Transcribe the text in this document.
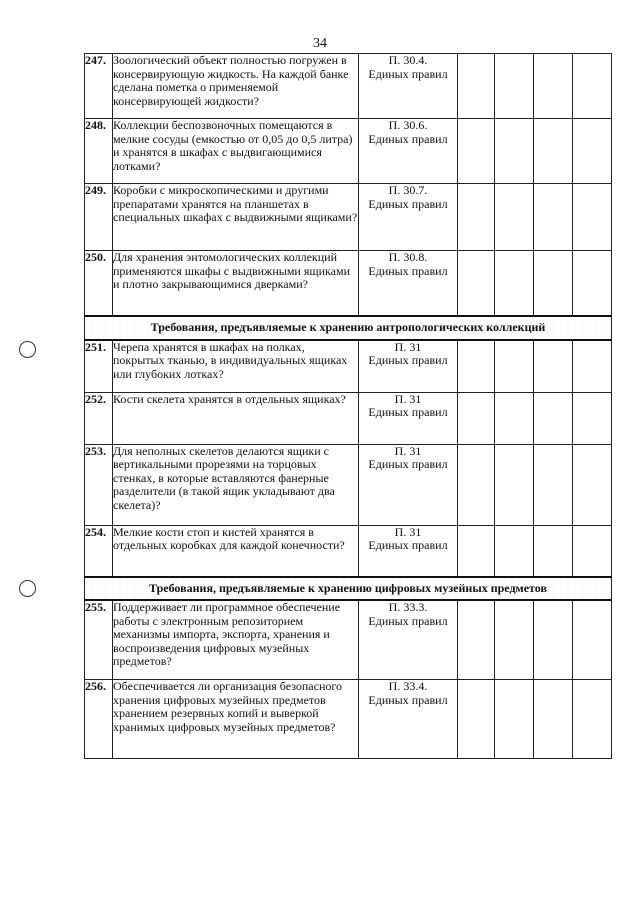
34
247.	Зоологический объект полностью погружен в консервирующую жидкость. На каждой банке сделана пометка о применяемой консервирующей жидкости?	П. 30.4.
Единых правил				

248.	Коллекции беспозвоночных помещаются в мелкие сосуды (емкостью от 0,05 до 0,5 литра) и хранятся в шкафах с выдвигающимися лотками?	П. 30.6.
Единых правил				

249.	Коробки с микроскопическими и другими препаратами хранятся на планшетах в специальных шкафах с выдвижными ящиками?	П. 30.7.
Единых правил				

250.	Для хранения энтомологических коллекций применяются шкафы с выдвижными ящиками и плотно закрывающимися дверками?	П. 30.8.
Единых правил				

Требования, предъявляемые к хранению антропологических коллекций						
251.	Черепа хранятся в шкафах на полках, покрытых тканью, в индивидуальных ящиках или глубоких лотках?	П. 31
Единых правил				

252.	Кости скелета хранятся в отдельных ящиках?	П. 31
Единых правил				

253.	Для неполных скелетов делаются ящики с вертикальными прорезями на торцовых стенках, в которые вставляются фанерные разделители (в такой ящик укладывают два скелета)?	П. 31
Единых правил				

254.	Мелкие кости стоп и кистей хранятся в отдельных коробках для каждой конечности?	П. 31
Единых правил				

Требования, предъявляемые к хранению цифровых музейных предметов						
255.	Поддерживает ли программное обеспечение работы с электронным репозиторием механизмы импорта, экспорта, хранения и воспроизведения цифровых музейных предметов?	П. 33.3.
Единых правил				

256.	Обеспечивается ли организация безопасного хранения цифровых музейных предметов хранением резервных копий и выверкой хранимых цифровых музейных предметов?	П. 33.4.
Единых правил				
